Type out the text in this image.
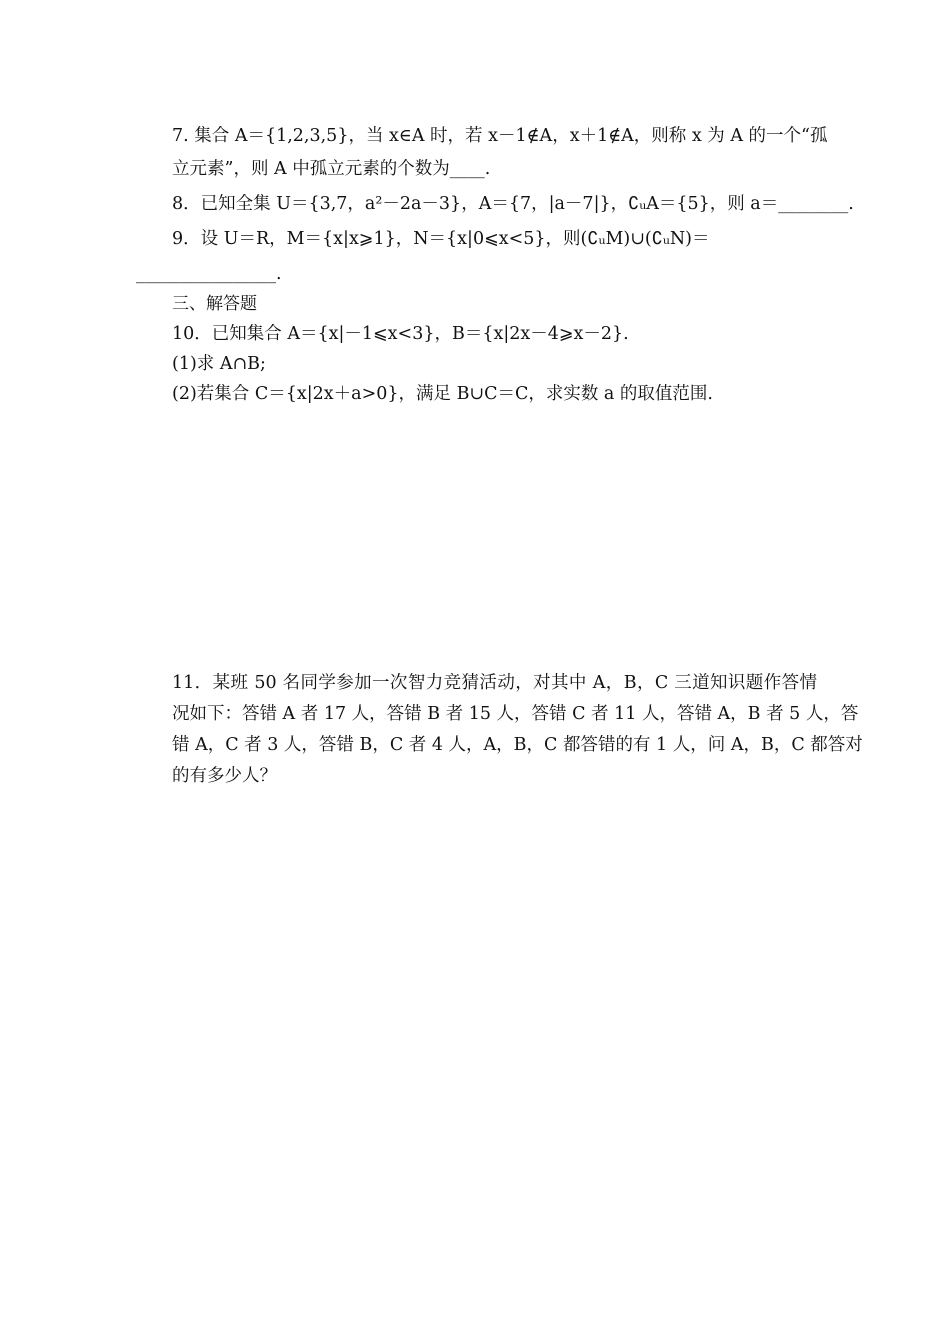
7. 集合 A＝{1,2,3,5}，当 x∈A 时，若 x－1∉A，x＋1∉A，则称 x 为 A 的一个“孤
立元素”，则 A 中孤立元素的个数为____.
8．已知全集 U＝{3,7，a²－2a－3}，A＝{7，|a－7|}，∁ᵤA＝{5}，则 a＝________.
9．设 U＝R，M＝{x|x⩾1}，N＝{x|0⩽x<5}，则(∁ᵤM)∪(∁ᵤN)＝
________________.
三、解答题
10．已知集合 A＝{x|－1⩽x<3}，B＝{x|2x－4⩾x－2}.
(1)求 A∩B;
(2)若集合 C＝{x|2x＋a>0}，满足 B∪C＝C，求实数 a 的取值范围.
11．某班 50 名同学参加一次智力竞猜活动，对其中 A，B，C 三道知识题作答情
况如下：答错 A 者 17 人，答错 B 者 15 人，答错 C 者 11 人，答错 A，B 者 5 人，答
错 A，C 者 3 人，答错 B，C 者 4 人，A，B，C 都答错的有 1 人，问 A，B，C 都答对
的有多少人？
